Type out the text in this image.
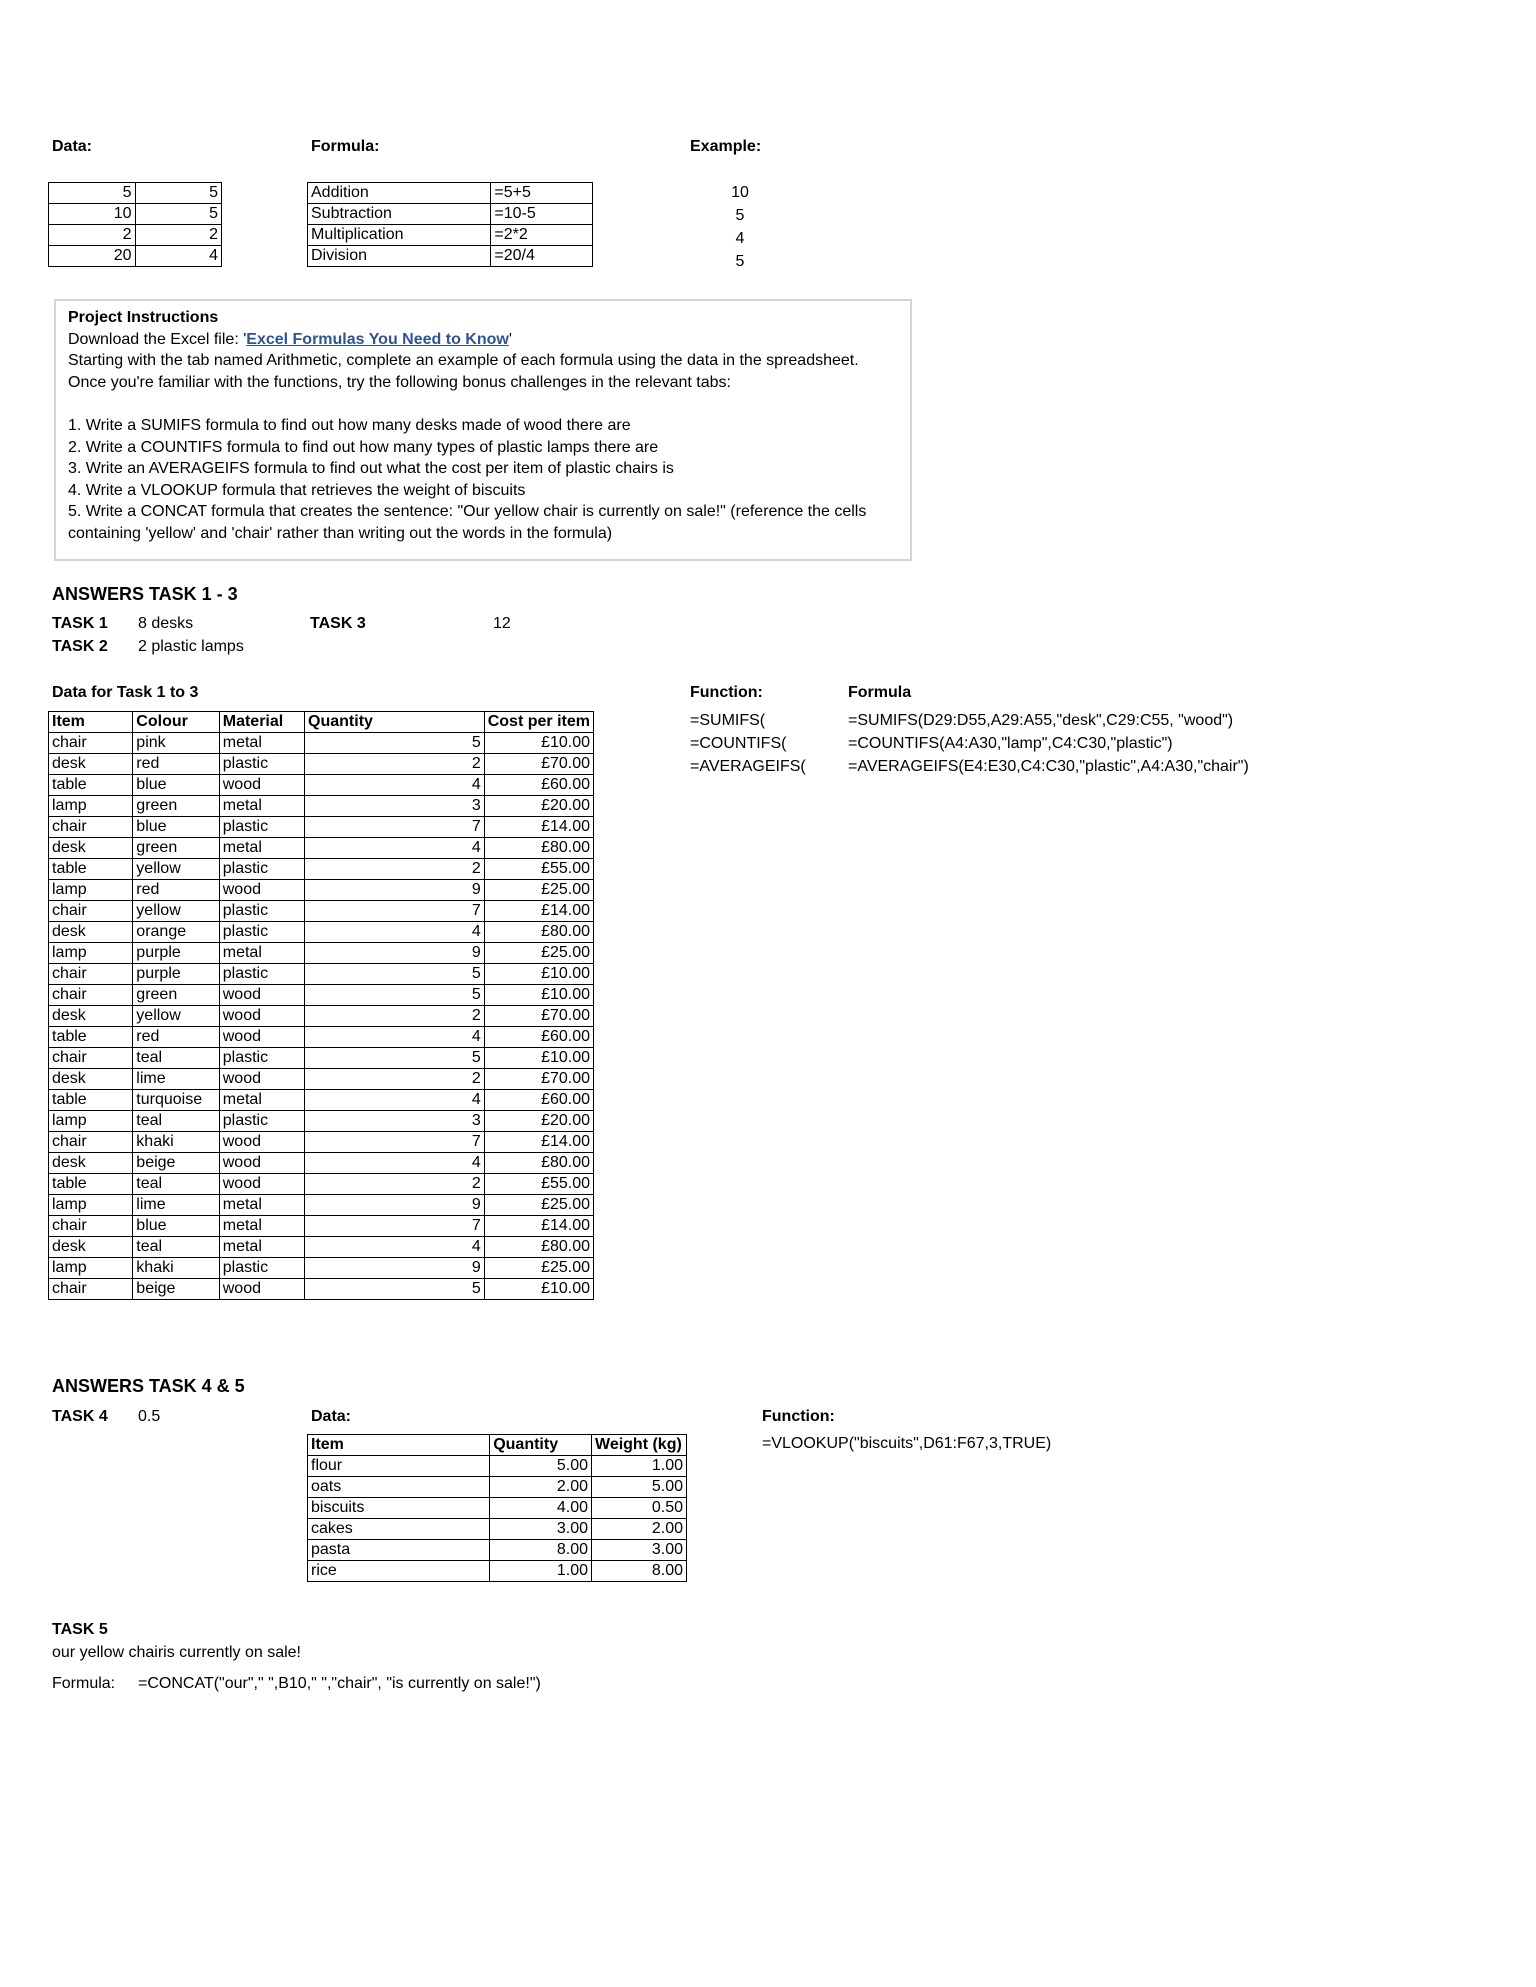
Data:	Formula:	Example:
5	5
10	5
2	2
20	4
Addition	=5+5
Subtraction	=10-5
Multiplication	=2*2
Division	=20/4
10
5
4
5
Project Instructions
Download the Excel file: 'Excel Formulas You Need to Know'
Starting with the tab named Arithmetic, complete an example of each formula using the data in the spreadsheet.
Once you're familiar with the functions, try the following bonus challenges in the relevant tabs:
1. Write a SUMIFS formula to find out how many desks made of wood there are
2. Write a COUNTIFS formula to find out how many types of plastic lamps there are
3. Write an AVERAGEIFS formula to find out what the cost per item of plastic chairs is
4. Write a VLOOKUP formula that retrieves the weight of biscuits
5. Write a CONCAT formula that creates the sentence: "Our yellow chair is currently on sale!" (reference the cells
containing 'yellow' and 'chair' rather than writing out the words in the formula)
ANSWERS TASK 1 - 3
TASK 1 8 desks
TASK 2 2 plastic lamps
TASK 3	12
Data for Task 1 to 3
Item	Colour	Material	Quantity	Cost per item
chair	pink	metal	5	£10.00
desk	red	plastic	2	£70.00
table	blue	wood	4	£60.00
lamp	green	metal	3	£20.00
chair	blue	plastic	7	£14.00
desk	green	metal	4	£80.00
table	yellow	plastic	2	£55.00
lamp	red	wood	9	£25.00
chair	yellow	plastic	7	£14.00
desk	orange	plastic	4	£80.00
lamp	purple	metal	9	£25.00
chair	purple	plastic	5	£10.00
chair	green	wood	5	£10.00
desk	yellow	wood	2	£70.00
table	red	wood	4	£60.00
chair	teal	plastic	5	£10.00
desk	lime	wood	2	£70.00
table	turquoise	metal	4	£60.00
lamp	teal	plastic	3	£20.00
chair	khaki	wood	7	£14.00
desk	beige	wood	4	£80.00
table	teal	wood	2	£55.00
lamp	lime	metal	9	£25.00
chair	blue	metal	7	£14.00
desk	teal	metal	4	£80.00
lamp	khaki	plastic	9	£25.00
chair	beige	wood	5	£10.00
Function:	Formula
=SUMIFS(	=SUMIFS(D29:D55,A29:A55,"desk",C29:C55, "wood")
=COUNTIFS(	=COUNTIFS(A4:A30,"lamp",C4:C30,"plastic")
=AVERAGEIFS(	=AVERAGEIFS(E4:E30,C4:C30,"plastic",A4:A30,"chair")
ANSWERS TASK 4 & 5
TASK 4 0.5	Data:	Function:
=VLOOKUP("biscuits",D61:F67,3,TRUE)
Item	Quantity	Weight (kg)
flour	5.00	1.00
oats	2.00	5.00
biscuits	4.00	0.50
cakes	3.00	2.00
pasta	8.00	3.00
rice	1.00	8.00
TASK 5
our yellow chairis currently on sale!
Formula: =CONCAT("our"," ",B10," ","chair", "is currently on sale!")
